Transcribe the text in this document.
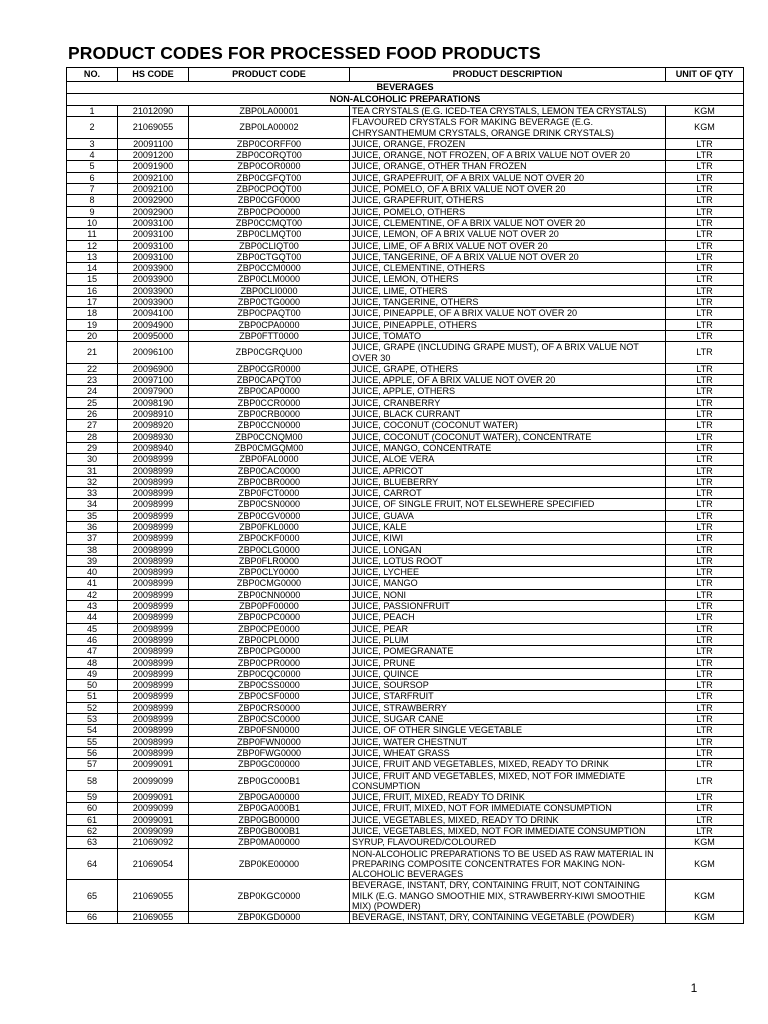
PRODUCT CODES FOR PROCESSED FOOD PRODUCTS
NO.	HS CODE	PRODUCT CODE	PRODUCT DESCRIPTION	UNIT OF QTY
BEVERAGES				
NON-ALCOHOLIC PREPARATIONS				
1	21012090	ZBP0LA00001	TEA CRYSTALS (E.G. ICED-TEA CRYSTALS, LEMON TEA CRYSTALS)	KGM
2	21069055	ZBP0LA00002	FLAVOURED CRYSTALS FOR MAKING BEVERAGE (E.G. CHRYSANTHEMUM CRYSTALS, ORANGE DRINK CRYSTALS)	KGM
3	20091100	ZBP0CORFF00	JUICE, ORANGE, FROZEN	LTR
4	20091200	ZBP0CORQT00	JUICE, ORANGE, NOT FROZEN, OF A BRIX VALUE NOT OVER 20	LTR
5	20091900	ZBP0COR0000	JUICE, ORANGE, OTHER THAN FROZEN	LTR
6	20092100	ZBP0CGFQT00	JUICE, GRAPEFRUIT, OF A BRIX VALUE NOT OVER 20	LTR
7	20092100	ZBP0CPOQT00	JUICE, POMELO, OF A BRIX VALUE NOT OVER 20	LTR
8	20092900	ZBP0CGF0000	JUICE, GRAPEFRUIT, OTHERS	LTR
9	20092900	ZBP0CPO0000	JUICE, POMELO, OTHERS	LTR
10	20093100	ZBP0CCMQT00	JUICE, CLEMENTINE, OF A BRIX VALUE NOT OVER 20	LTR
11	20093100	ZBP0CLMQT00	JUICE, LEMON, OF A BRIX VALUE NOT OVER 20	LTR
12	20093100	ZBP0CLIQT00	JUICE, LIME, OF A BRIX VALUE NOT OVER 20	LTR
13	20093100	ZBP0CTGQT00	JUICE, TANGERINE, OF A BRIX VALUE NOT OVER 20	LTR
14	20093900	ZBP0CCM0000	JUICE, CLEMENTINE, OTHERS	LTR
15	20093900	ZBP0CLM0000	JUICE, LEMON, OTHERS	LTR
16	20093900	ZBP0CLI0000	JUICE, LIME, OTHERS	LTR
17	20093900	ZBP0CTG0000	JUICE, TANGERINE, OTHERS	LTR
18	20094100	ZBP0CPAQT00	JUICE, PINEAPPLE, OF A BRIX VALUE NOT OVER 20	LTR
19	20094900	ZBP0CPA0000	JUICE, PINEAPPLE, OTHERS	LTR
20	20095000	ZBP0FTT0000	JUICE, TOMATO	LTR
21	20096100	ZBP0CGRQU00	JUICE, GRAPE (INCLUDING GRAPE MUST), OF A BRIX VALUE NOT OVER 30	LTR
22	20096900	ZBP0CGR0000	JUICE, GRAPE, OTHERS	LTR
23	20097100	ZBP0CAPQT00	JUICE, APPLE, OF A BRIX VALUE NOT OVER 20	LTR
24	20097900	ZBP0CAP0000	JUICE, APPLE, OTHERS	LTR
25	20098190	ZBP0CCR0000	JUICE, CRANBERRY	LTR
26	20098910	ZBP0CRB0000	JUICE, BLACK CURRANT	LTR
27	20098920	ZBP0CCN0000	JUICE, COCONUT (COCONUT WATER)	LTR
28	20098930	ZBP0CCNQM00	JUICE, COCONUT (COCONUT WATER), CONCENTRATE	LTR
29	20098940	ZBP0CMGQM00	JUICE, MANGO, CONCENTRATE	LTR
30	20098999	ZBP0FAL0000	JUICE, ALOE VERA	LTR
31	20098999	ZBP0CAC0000	JUICE, APRICOT	LTR
32	20098999	ZBP0CBR0000	JUICE, BLUEBERRY	LTR
33	20098999	ZBP0FCT0000	JUICE, CARROT	LTR
34	20098999	ZBP0CSN0000	JUICE, OF SINGLE FRUIT, NOT ELSEWHERE SPECIFIED	LTR
35	20098999	ZBP0CGV0000	JUICE, GUAVA	LTR
36	20098999	ZBP0FKL0000	JUICE, KALE	LTR
37	20098999	ZBP0CKF0000	JUICE, KIWI	LTR
38	20098999	ZBP0CLG0000	JUICE, LONGAN	LTR
39	20098999	ZBP0FLR0000	JUICE, LOTUS ROOT	LTR
40	20098999	ZBP0CLY0000	JUICE, LYCHEE	LTR
41	20098999	ZBP0CMG0000	JUICE, MANGO	LTR
42	20098999	ZBP0CNN0000	JUICE, NONI	LTR
43	20098999	ZBP0PF00000	JUICE, PASSIONFRUIT	LTR
44	20098999	ZBP0CPC0000	JUICE, PEACH	LTR
45	20098999	ZBP0CPE0000	JUICE, PEAR	LTR
46	20098999	ZBP0CPL0000	JUICE, PLUM	LTR
47	20098999	ZBP0CPG0000	JUICE, POMEGRANATE	LTR
48	20098999	ZBP0CPR0000	JUICE, PRUNE	LTR
49	20098999	ZBP0CQC0000	JUICE, QUINCE	LTR
50	20098999	ZBP0CSS0000	JUICE, SOURSOP	LTR
51	20098999	ZBP0CSF0000	JUICE, STARFRUIT	LTR
52	20098999	ZBP0CRS0000	JUICE, STRAWBERRY	LTR
53	20098999	ZBP0CSC0000	JUICE, SUGAR CANE	LTR
54	20098999	ZBP0FSN0000	JUICE, OF OTHER SINGLE VEGETABLE	LTR
55	20098999	ZBP0FWN0000	JUICE, WATER CHESTNUT	LTR
56	20098999	ZBP0FWG0000	JUICE, WHEAT GRASS	LTR
57	20099091	ZBP0GC00000	JUICE, FRUIT AND VEGETABLES, MIXED, READY TO DRINK	LTR
58	20099099	ZBP0GC000B1	JUICE, FRUIT AND VEGETABLES, MIXED, NOT FOR IMMEDIATE CONSUMPTION	LTR
59	20099091	ZBP0GA00000	JUICE, FRUIT, MIXED, READY TO DRINK	LTR
60	20099099	ZBP0GA000B1	JUICE, FRUIT, MIXED, NOT FOR IMMEDIATE CONSUMPTION	LTR
61	20099091	ZBP0GB00000	JUICE, VEGETABLES, MIXED, READY TO DRINK	LTR
62	20099099	ZBP0GB000B1	JUICE, VEGETABLES, MIXED, NOT FOR IMMEDIATE CONSUMPTION	LTR
63	21069092	ZBP0MA00000	SYRUP, FLAVOURED/COLOURED	KGM
64	21069054	ZBP0KE00000	NON-ALCOHOLIC PREPARATIONS TO BE USED AS RAW MATERIAL IN PREPARING COMPOSITE CONCENTRATES FOR MAKING NON-ALCOHOLIC BEVERAGES	KGM
65	21069055	ZBP0KGC0000	BEVERAGE, INSTANT, DRY, CONTAINING FRUIT, NOT CONTAINING MILK (E.G. MANGO SMOOTHIE MIX, STRAWBERRY-KIWI SMOOTHIE MIX) (POWDER)	KGM
66	21069055	ZBP0KGD0000	BEVERAGE, INSTANT, DRY, CONTAINING VEGETABLE (POWDER)	KGM
1
